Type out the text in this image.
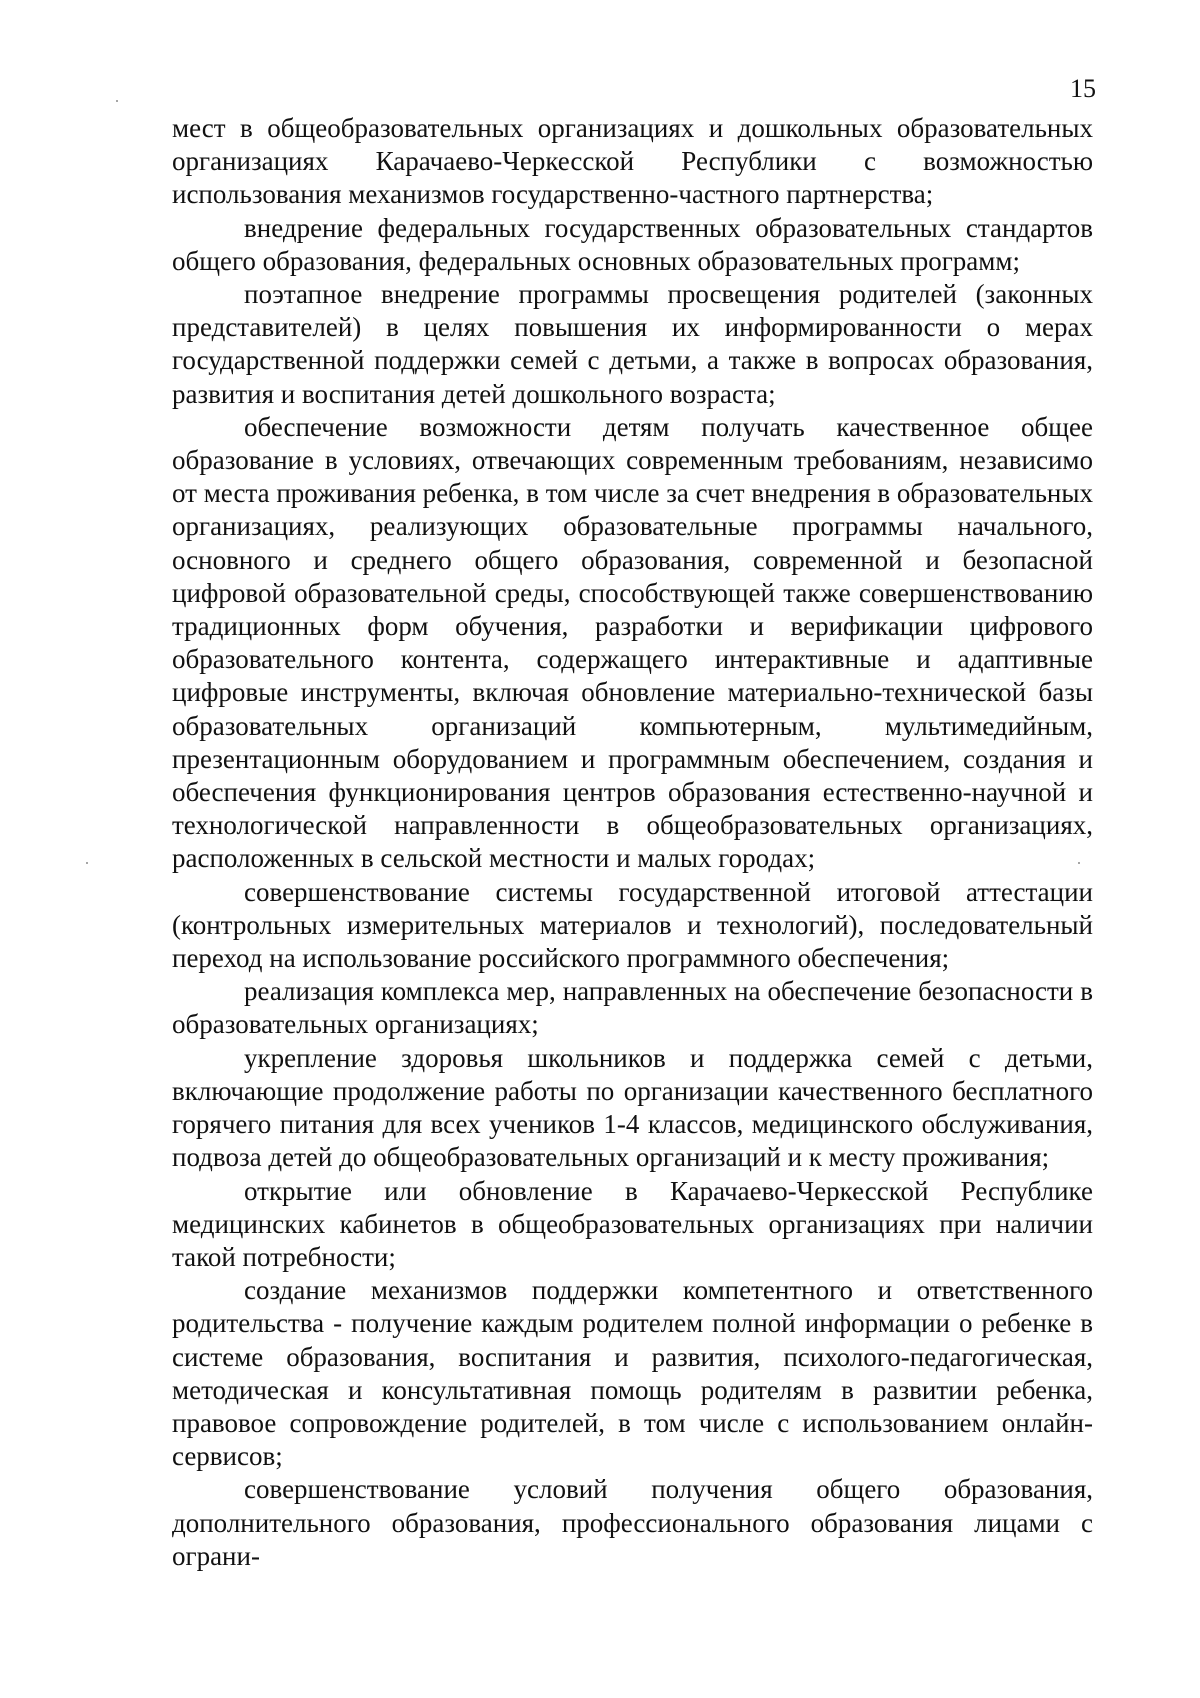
15

мест в общеобразовательных организациях и дошкольных образовательных организациях Карачаево-Черкесской Республики с возможностью использования механизмов государственно-частного партнерства;

внедрение федеральных государственных образовательных стандартов общего образования, федеральных основных образовательных программ;

поэтапное внедрение программы просвещения родителей (законных представителей) в целях повышения их информированности о мерах государственной поддержки семей с детьми, а также в вопросах образования, развития и воспитания детей дошкольного возраста;

обеспечение возможности детям получать качественное общее образование в условиях, отвечающих современным требованиям, независимо от места проживания ребенка, в том числе за счет внедрения в образовательных организациях, реализующих образовательные программы начального, основного и среднего общего образования, современной и безопасной цифровой образовательной среды, способствующей также совершенствованию традиционных форм обучения, разработки и верификации цифрового образовательного контента, содержащего интерактивные и адаптивные цифровые инструменты, включая обновление материально-технической базы образовательных организаций компьютерным, мультимедийным, презентационным оборудованием и программным обеспечением, создания и обеспечения функционирования центров образования естественно-научной и технологической направленности в общеобразовательных организациях, расположенных в сельской местности и малых городах;

совершенствование системы государственной итоговой аттестации (контрольных измерительных материалов и технологий), последовательный переход на использование российского программного обеспечения;

реализация комплекса мер, направленных на обеспечение безопасности в образовательных организациях;

укрепление здоровья школьников и поддержка семей с детьми, включающие продолжение работы по организации качественного бесплатного горячего питания для всех учеников 1-4 классов, медицинского обслуживания, подвоза детей до общеобразовательных организаций и к месту проживания;

открытие или обновление в Карачаево-Черкесской Республике медицинских кабинетов в общеобразовательных организациях при наличии такой потребности;

создание механизмов поддержки компетентного и ответственного родительства - получение каждым родителем полной информации о ребенке в системе образования, воспитания и развития, психолого-педагогическая, методическая и консультативная помощь родителям в развитии ребенка, правовое сопровождение родителей, в том числе с использованием онлайн-сервисов;

совершенствование условий получения общего образования, дополнительного образования, профессионального образования лицами с ограни-
